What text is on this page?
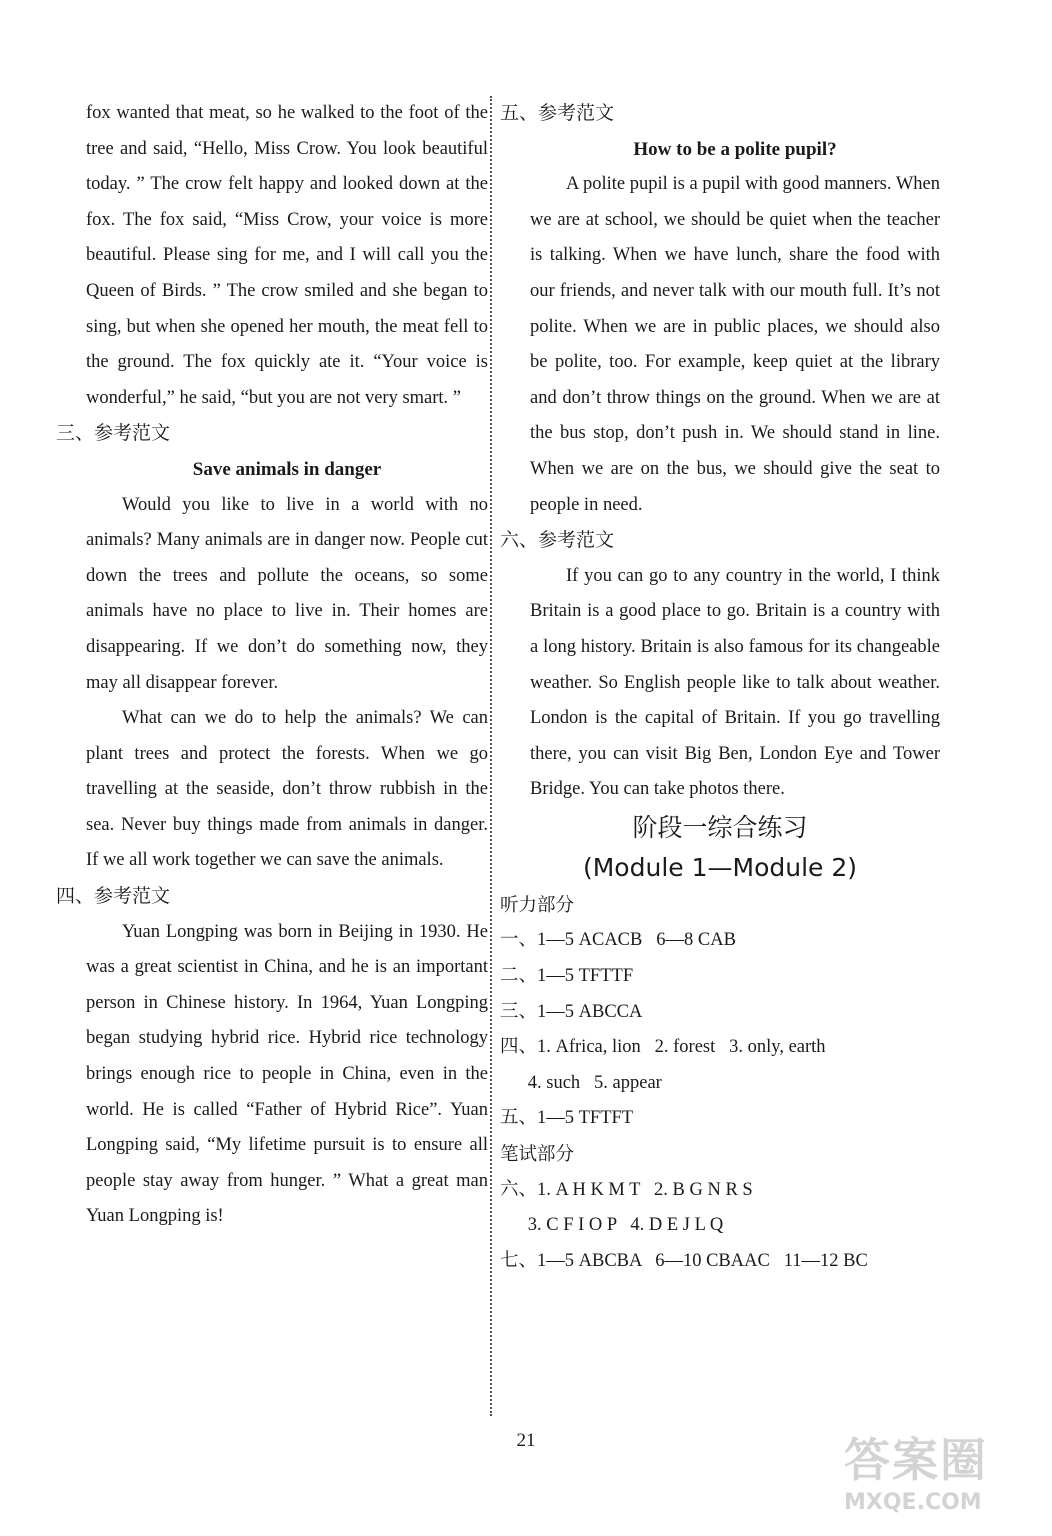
fox wanted that meat, so he walked to the foot of the tree and said, “Hello, Miss Crow. You look beautiful today. ” The crow felt happy and looked down at the fox. The fox said, “Miss Crow, your voice is more beautiful. Please sing for me, and I will call you the Queen of Birds. ” The crow smiled and she began to sing, but when she opened her mouth, the meat fell to the ground. The fox quickly ate it. “Your voice is wonderful,” he said, “but you are not very smart. ”

三、参考范文

Save animals in danger

Would you like to live in a world with no animals? Many animals are in danger now. People cut down the trees and pollute the oceans, so some animals have no place to live in. Their homes are disappearing. If we don’t do something now, they may all disappear forever.

What can we do to help the animals? We can plant trees and protect the forests. When we go travelling at the seaside, don’t throw rubbish in the sea. Never buy things made from animals in danger. If we all work together we can save the animals.

四、参考范文

Yuan Longping was born in Beijing in 1930. He was a great scientist in China, and he is an important person in Chinese history. In 1964, Yuan Longping began studying hybrid rice. Hybrid rice technology brings enough rice to people in China, even in the world. He is called “Father of Hybrid Rice”. Yuan Longping said, “My lifetime pursuit is to ensure all people stay away from hunger. ” What a great man Yuan Longping is!

五、参考范文

How to be a polite pupil?

A polite pupil is a pupil with good manners. When we are at school, we should be quiet when the teacher is talking. When we have lunch, share the food with our friends, and never talk with our mouth full. It’s not polite. When we are in public places, we should also be polite, too. For example, keep quiet at the library and don’t throw things on the ground. When we are at the bus stop, don’t push in. We should stand in line. When we are on the bus, we should give the seat to people in need.

六、参考范文

If you can go to any country in the world, I think Britain is a good place to go. Britain is a country with a long history. Britain is also famous for its changeable weather. So English people like to talk about weather. London is the capital of Britain. If you go travelling there, you can visit Big Ben, London Eye and Tower Bridge. You can take photos there.

阶段一综合练习

(Module 1—Module 2)

听力部分

一、1—5 ACACB   6—8 CAB

二、1—5 TFTTF

三、1—5 ABCCA

四、1. Africa, lion   2. forest   3. only, earth

4. such   5. appear

五、1—5 TFTFT

笔试部分

六、1. A H K M T   2. B G N R S

3. C F I O P   4. D E J L Q

七、1—5 ABCBA   6—10 CBAAC   11—12 BC

21	答案圈
MXQE.COM
